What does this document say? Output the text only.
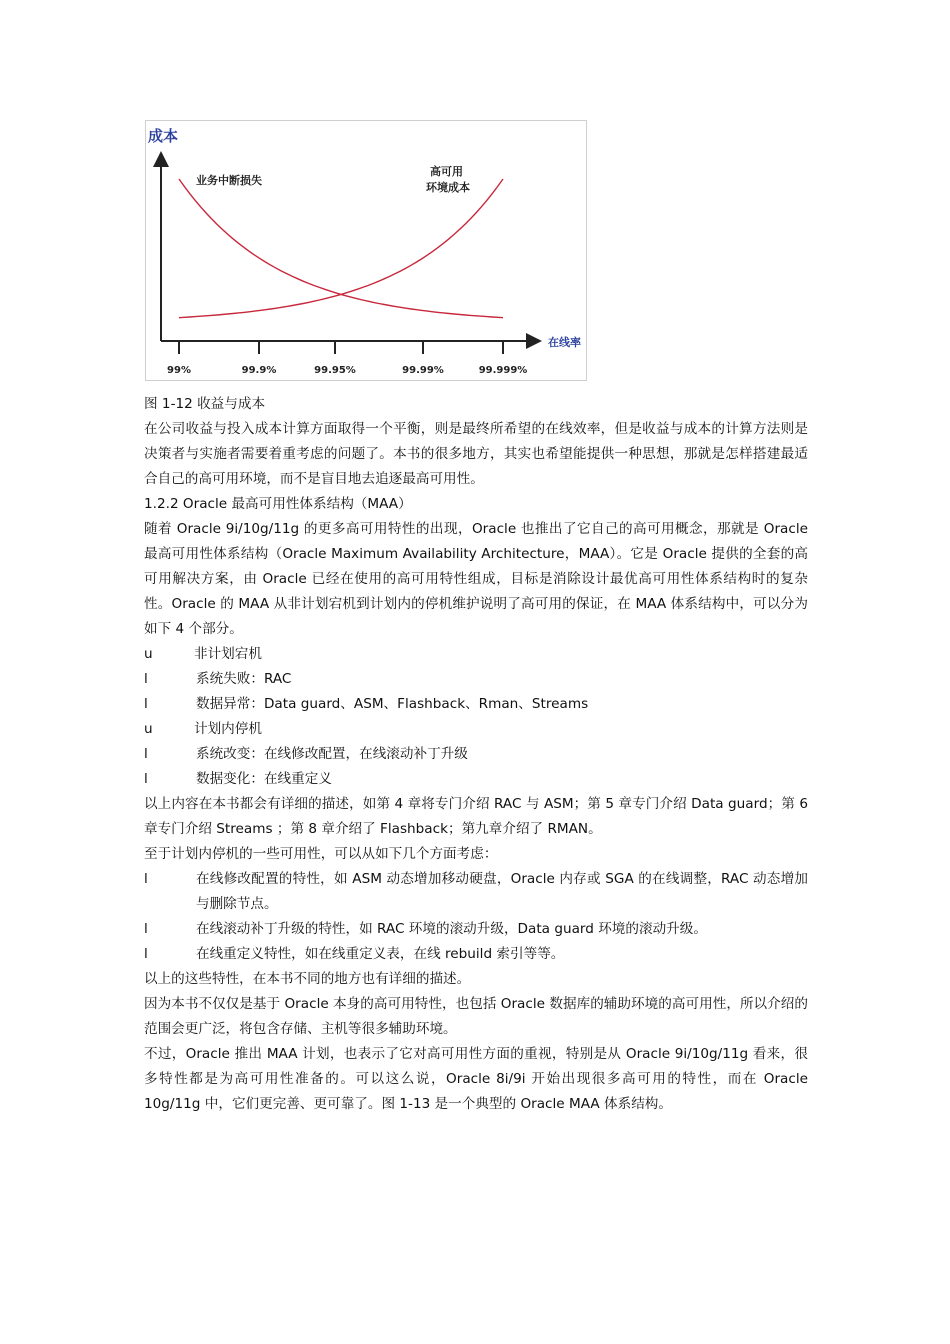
成本
在线率
99%	99.9%	99.95%	99.99%	99.999%
业务中断损失
高可用
环境成本

图 1-12 收益与成本

在公司收益与投入成本计算方面取得一个平衡，则是最终所希望的在线效率，但是收益与成本的计算方法则是决策者与实施者需要着重考虑的问题了。本书的很多地方，其实也希望能提供一种思想，那就是怎样搭建最适合自己的高可用环境，而不是盲目地去追逐最高可用性。

1.2.2 Oracle 最高可用性体系结构（MAA）

随着 Oracle 9i/10g/11g 的更多高可用特性的出现，Oracle 也推出了它自己的高可用概念，那就是 Oracle 最高可用性体系结构（Oracle Maximum Availability Architecture，MAA）。它是 Oracle 提供的全套的高可用解决方案，由 Oracle 已经在使用的高可用特性组成，目标是消除设计最优高可用性体系结构时的复杂性。Oracle 的 MAA 从非计划宕机到计划内的停机维护说明了高可用的保证，在 MAA 体系结构中，可以分为如下 4 个部分。

u	非计划宕机
l	系统失败：RAC
l	数据异常：Data guard、ASM、Flashback、Rman、Streams
u	计划内停机
l	系统改变：在线修改配置，在线滚动补丁升级
l	数据变化：在线重定义

以上内容在本书都会有详细的描述，如第 4 章将专门介绍 RAC 与 ASM；第 5 章专门介绍 Data guard；第 6 章专门介绍 Streams ；第 8 章介绍了 Flashback；第九章介绍了 RMAN。

至于计划内停机的一些可用性，可以从如下几个方面考虑：

l	在线修改配置的特性，如 ASM 动态增加移动硬盘，Oracle 内存或 SGA 的在线调整，RAC 动态增加与删除节点。
l	在线滚动补丁升级的特性，如 RAC 环境的滚动升级，Data guard 环境的滚动升级。
l	在线重定义特性，如在线重定义表，在线 rebuild 索引等等。

以上的这些特性，在本书不同的地方也有详细的描述。

因为本书不仅仅是基于 Oracle 本身的高可用特性，也包括 Oracle 数据库的辅助环境的高可用性，所以介绍的范围会更广泛，将包含存储、主机等很多辅助环境。

不过，Oracle 推出 MAA 计划，也表示了它对高可用性方面的重视，特别是从 Oracle 9i/10g/11g 看来，很多特性都是为高可用性准备的。可以这么说，Oracle 8i/9i 开始出现很多高可用的特性，而在 Oracle 10g/11g 中，它们更完善、更可靠了。图 1-13 是一个典型的 Oracle MAA 体系结构。
